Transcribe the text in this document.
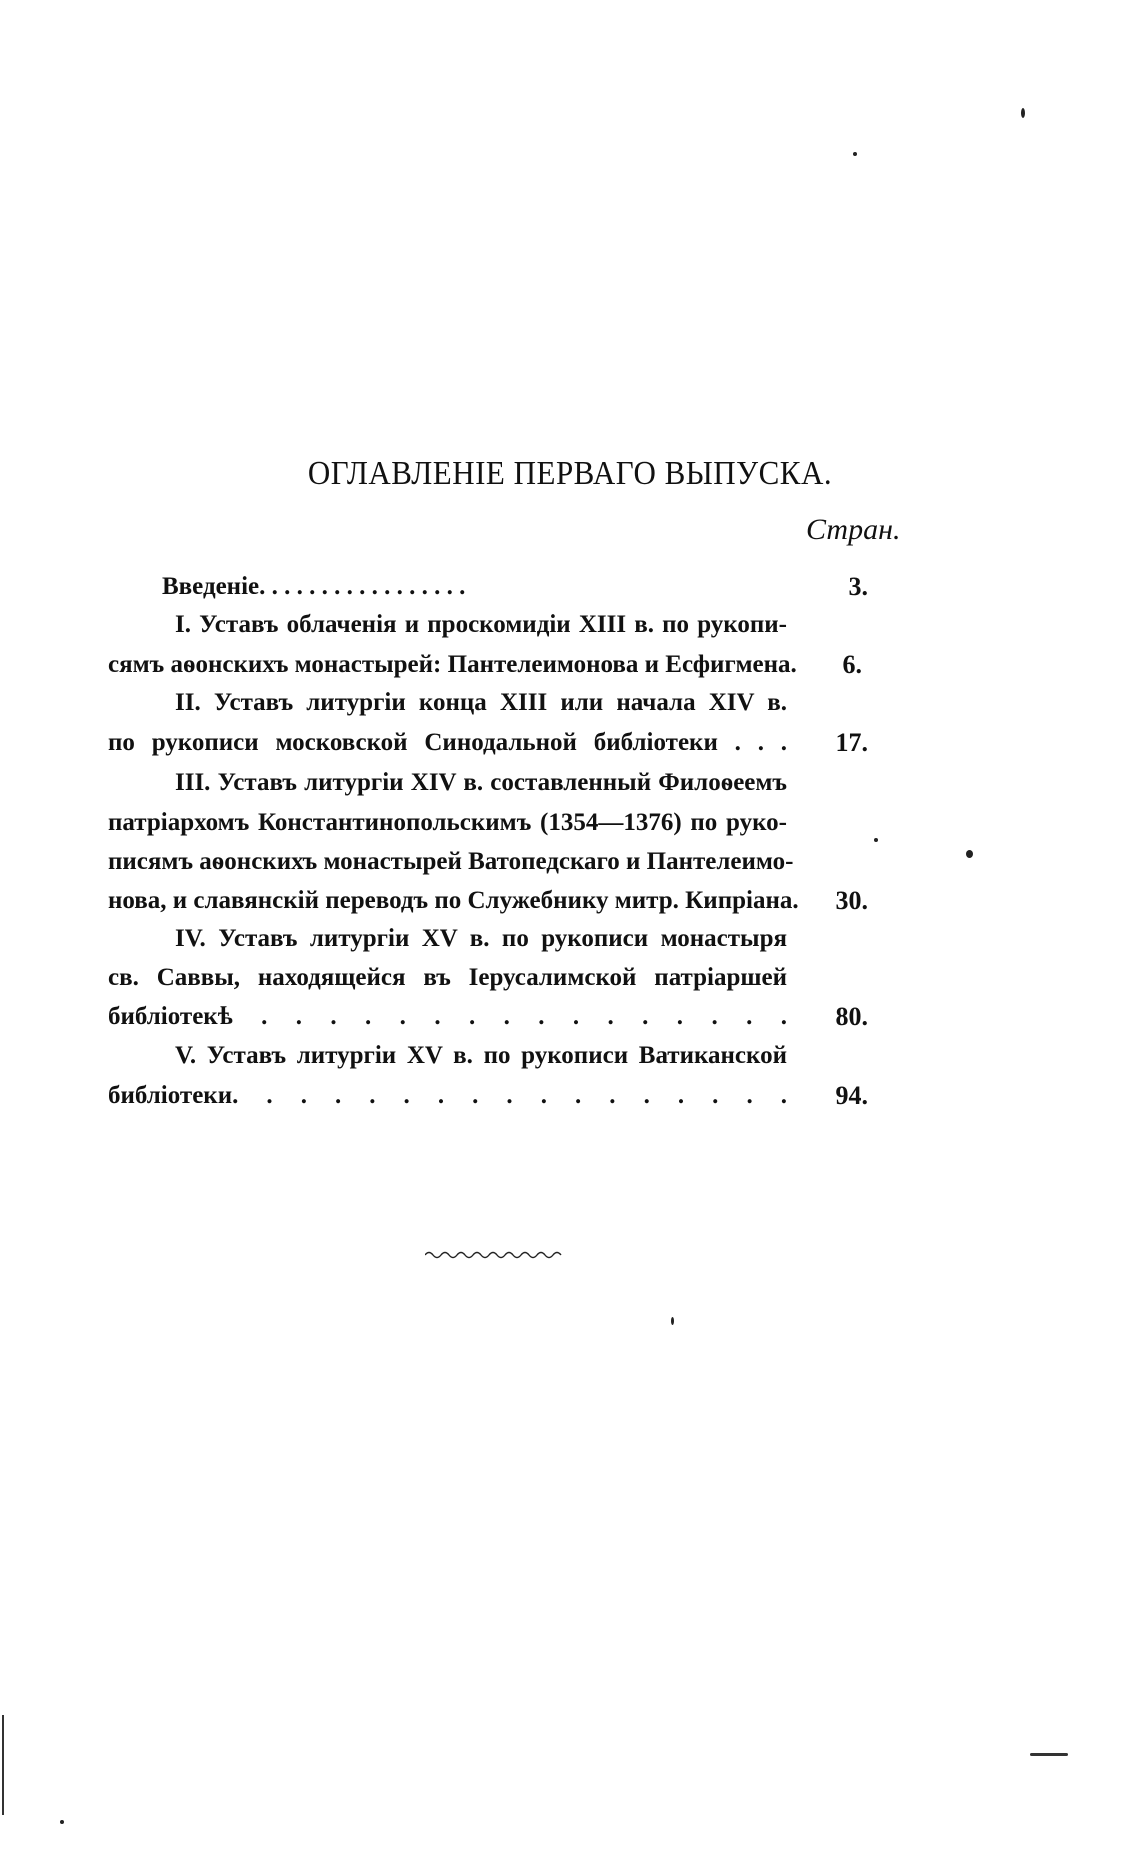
ОГЛАВЛЕНІЕ ПЕРВАГО ВЫПУСКА.
Стран.
Введеніе. . . . . . . . . . . . . . . . .	3.
I. Уставъ облаченія и проскомидіи XIII в. по рукопи-
сямъ аѳонскихъ монастырей: Пантелеимонова и Есфигмена.	6.
II. Уставъ литургіи конца XIII или начала XIV в.
по рукописи московской Синодальной библіотеки . . .	17.
III. Уставъ литургіи XIV в. составленный Филоѳеемъ
патріархомъ Константинопольскимъ (1354—1376) по руко-
писямъ аѳонскихъ монастырей Ватопедскаго и Пантелеимо-
нова, и славянскій переводъ по Служебнику митр. Кипріана.	30.
IV. Уставъ литургіи XV в. по рукописи монастыря
св. Саввы, находящейся въ Іерусалимской патріаршей
библіотекѣ . . . . . . . . . . . . . . . .	80.
V. Уставъ литургіи XV в. по рукописи Ватиканской
библіотеки. . . . . . . . . . . . . . . . .	94.
